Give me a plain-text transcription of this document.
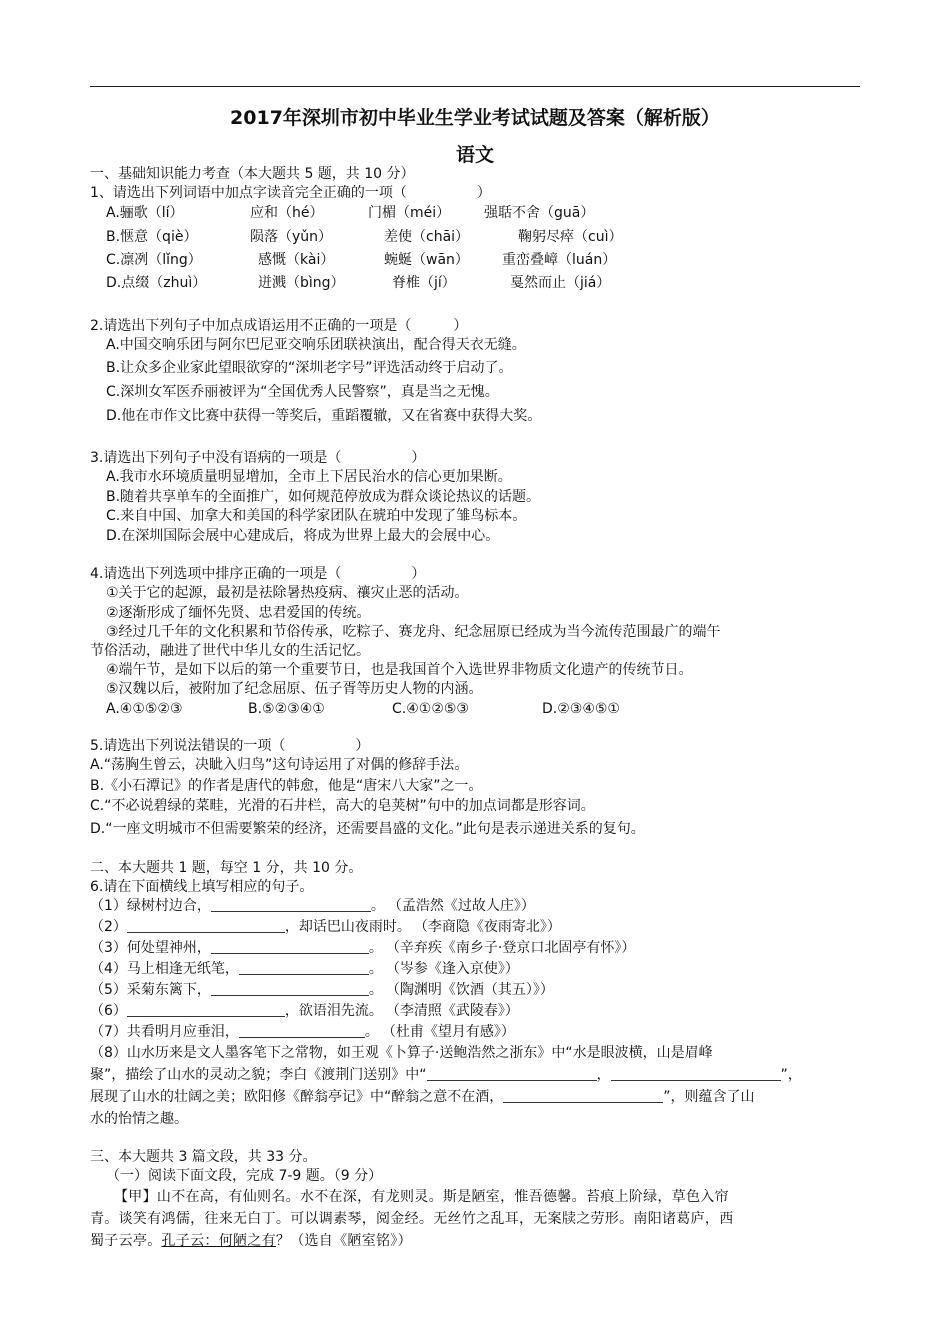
2017年深圳市初中毕业生学业考试试题及答案（解析版）
语文
一、基础知识能力考查（本大题共 5 题，共 10 分）
1、请选出下列词语中加点字读音完全正确的一项（　　　　　）
A.骊歌（lí）	应和（hé）	门楣（méi） 强聒不舍（guā）
B.惬意（qiè）	陨落（yǔn）	差使（chāi）	鞠躬尽瘁（cuì）
C.凛冽（lǐng）	感慨（kài）	蜿蜒（wān） 重峦叠嶂（luán）
D.点缀（zhuì）	迸溅（bìng）	脊椎（jí）	戛然而止（jiá）
2.请选出下列句子中加点成语运用不正确的一项是（　　　）
A.中国交响乐团与阿尔巴尼亚交响乐团联袂演出，配合得天衣无缝。
B.让众多企业家此望眼欲穿的“深圳老字号”评选活动终于启动了。
C.深圳女军医乔丽被评为“全国优秀人民警察”，真是当之无愧。
D.他在市作文比赛中获得一等奖后，重蹈覆辙，又在省赛中获得大奖。
3.请选出下列句子中没有语病的一项是（　　　　　）
A.我市水环境质量明显增加，全市上下居民治水的信心更加果断。
B.随着共享单车的全面推广，如何规范停放成为群众谈论热议的话题。
C.来自中国、加拿大和美国的科学家团队在琥珀中发现了雏鸟标本。
D.在深圳国际会展中心建成后，将成为世界上最大的会展中心。
4.请选出下列选项中排序正确的一项是（　　　　　）
①关于它的起源，最初是祛除暑热疫病、禳灾止恶的活动。
②逐渐形成了缅怀先贤、忠君爱国的传统。
③经过几千年的文化积累和节俗传承，吃粽子、赛龙舟、纪念屈原已经成为当今流传范围最广的端午
节俗活动，融进了世代中华儿女的生活记忆。
④端午节，是如下以后的第一个重要节日，也是我国首个入选世界非物质文化遗产的传统节日。
⑤汉魏以后，被附加了纪念屈原、伍子胥等历史人物的内涵。
A.④①⑤②③	B.⑤②③④①	C.④①②⑤③	D.②③④⑤①
5.请选出下列说法错误的一项（　　　　　）
A.“荡胸生曾云，决眦入归鸟”这句诗运用了对偶的修辞手法。
B.《小石潭记》的作者是唐代的韩愈，他是“唐宋八大家”之一。
C.“不必说碧绿的菜畦，光滑的石井栏，高大的皂荚树”句中的加点词都是形容词。
D.“一座文明城市不但需要繁荣的经济，还需要昌盛的文化。”此句是表示递进关系的复句。
二、本大题共 1 题，每空 1 分，共 10 分。
6.请在下面横线上填写相应的句子。
（1）绿树村边合，	。 （孟浩然《过故人庄》）
（2）	，却话巴山夜雨时。 （李商隐《夜雨寄北》）
（3）何处望神州，	。 （辛弃疾《南乡子·登京口北固亭有怀》）
（4）马上相逢无纸笔，	。 （岑参《逢入京使》）
（5）采菊东篱下，	。 （陶渊明《饮酒（其五）》）
（6）	，欲语泪先流。 （李清照《武陵春》）
（7）共看明月应垂泪，	。 （杜甫《望月有感》）
（8）山水历来是文人墨客笔下之常物，如王观《卜算子·送鲍浩然之浙东》中“水是眼波横，山是眉峰
聚”，描绘了山水的灵动之貌；李白《渡荆门送别》中“	，	”，
展现了山水的壮阔之美；欧阳修《醉翁亭记》中“醉翁之意不在酒，	”，则蕴含了山
水的怡情之趣。
三、本大题共 3 篇文段，共 33 分。
（一）阅读下面文段，完成 7-9 题。（9 分）
【甲】山不在高，有仙则名。水不在深，有龙则灵。斯是陋室，惟吾德馨。苔痕上阶绿，草色入帘
青。谈笑有鸿儒，往来无白丁。可以调素琴，阅金经。无丝竹之乱耳，无案牍之劳形。南阳诸葛庐，西
蜀子云亭。孔子云：何陋之有？（选自《陋室铭》）
